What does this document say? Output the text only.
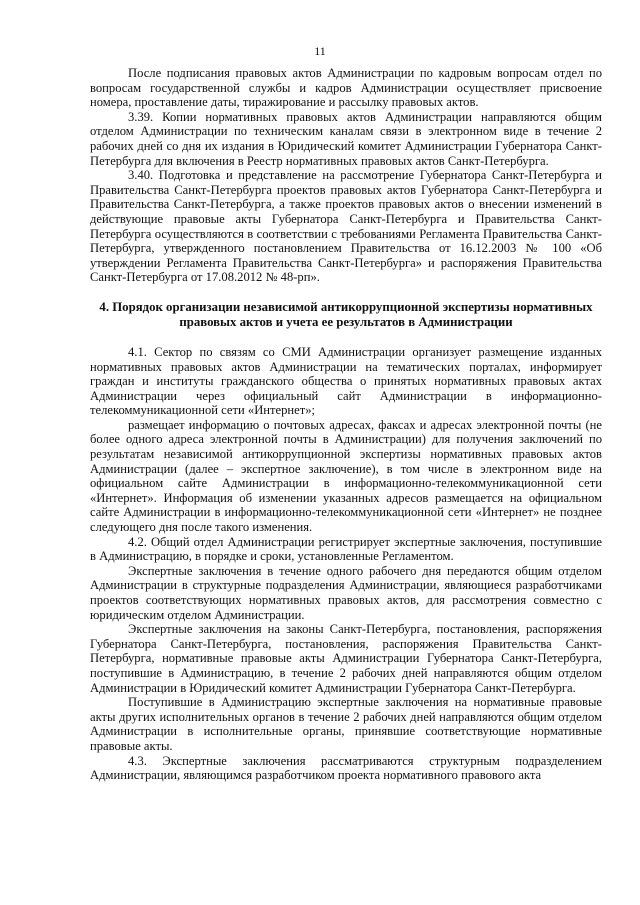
11

После подписания правовых актов Администрации по кадровым вопросам отдел по вопросам государственной службы и кадров Администрации осуществляет присвоение номера, проставление даты, тиражирование и рассылку правовых актов.

3.39. Копии нормативных правовых актов Администрации направляются общим отделом Администрации по техническим каналам связи в электронном виде в течение 2 рабочих дней со дня их издания в Юридический комитет Администрации Губернатора Санкт-Петербурга для включения в Реестр нормативных правовых актов Санкт-Петербурга.

3.40. Подготовка и представление на рассмотрение Губернатора Санкт-Петербурга и Правительства Санкт-Петербурга проектов правовых актов Губернатора Санкт-Петербурга и Правительства Санкт-Петербурга, а также проектов правовых актов о внесении изменений в действующие правовые акты Губернатора Санкт-Петербурга и Правительства Санкт-Петербурга осуществляются в соответствии с требованиями Регламента Правительства Санкт-Петербурга, утвержденного постановлением Правительства от 16.12.2003 № 100 «Об утверждении Регламента Правительства Санкт-Петербурга» и распоряжения Правительства Санкт-Петербурга от 17.08.2012 № 48-рп».

4. Порядок организации независимой антикоррупционной экспертизы нормативных правовых актов и учета ее результатов в Администрации

4.1. Сектор по связям со СМИ Администрации организует размещение изданных нормативных правовых актов Администрации на тематических порталах, информирует граждан и институты гражданского общества о принятых нормативных правовых актах Администрации через официальный сайт Администрации в информационно-телекоммуникационной сети «Интернет»;

размещает информацию о почтовых адресах, факсах и адресах электронной почты (не более одного адреса электронной почты в Администрации) для получения заключений по результатам независимой антикоррупционной экспертизы нормативных правовых актов Администрации (далее – экспертное заключение), в том числе в электронном виде на официальном сайте Администрации в информационно-телекоммуникационной сети «Интернет». Информация об изменении указанных адресов размещается на официальном сайте Администрации в информационно-телекоммуникационной сети «Интернет» не позднее следующего дня после такого изменения.

4.2. Общий отдел Администрации регистрирует экспертные заключения, поступившие в Администрацию, в порядке и сроки, установленные Регламентом.

Экспертные заключения в течение одного рабочего дня передаются общим отделом Администрации в структурные подразделения Администрации, являющиеся разработчиками проектов соответствующих нормативных правовых актов, для рассмотрения совместно с юридическим отделом Администрации.

Экспертные заключения на законы Санкт-Петербурга, постановления, распоряжения Губернатора Санкт-Петербурга, постановления, распоряжения Правительства Санкт-Петербурга, нормативные правовые акты Администрации Губернатора Санкт-Петербурга, поступившие в Администрацию, в течение 2 рабочих дней направляются общим отделом Администрации в Юридический комитет Администрации Губернатора Санкт-Петербурга.

Поступившие в Администрацию экспертные заключения на нормативные правовые акты других исполнительных органов в течение 2 рабочих дней направляются общим отделом Администрации в исполнительные органы, принявшие соответствующие нормативные правовые акты.

4.3. Экспертные заключения рассматриваются структурным подразделением Администрации, являющимся разработчиком проекта нормативного правового акта
